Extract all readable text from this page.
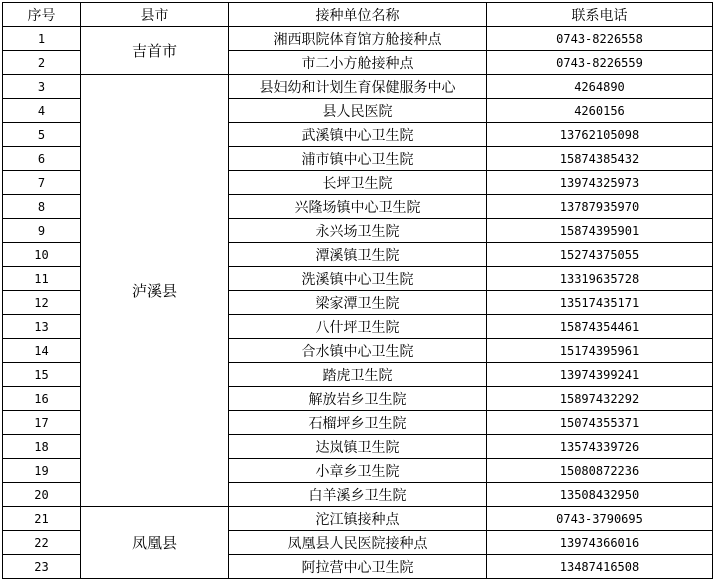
序号	县市	接种单位名称	联系电话
1	吉首市	湘西职院体育馆方舱接种点	0743-8226558
2		市二小方舱接种点	0743-8226559
3	泸溪县	县妇幼和计划生育保健服务中心	4264890
4		县人民医院	4260156
5		武溪镇中心卫生院	13762105098
6		浦市镇中心卫生院	15874385432
7		长坪卫生院	13974325973
8		兴隆场镇中心卫生院	13787935970
9		永兴场卫生院	15874395901
10		潭溪镇卫生院	15274375055
11		洗溪镇中心卫生院	13319635728
12		梁家潭卫生院	13517435171
13		八什坪卫生院	15874354461
14		合水镇中心卫生院	15174395961
15		踏虎卫生院	13974399241
16		解放岩乡卫生院	15897432292
17		石榴坪乡卫生院	15074355371
18		达岚镇卫生院	13574339726
19		小章乡卫生院	15080872236
20		白羊溪乡卫生院	13508432950
21	凤凰县	沱江镇接种点	0743-3790695
22		凤凰县人民医院接种点	13974366016
23		阿拉营中心卫生院	13487416508
